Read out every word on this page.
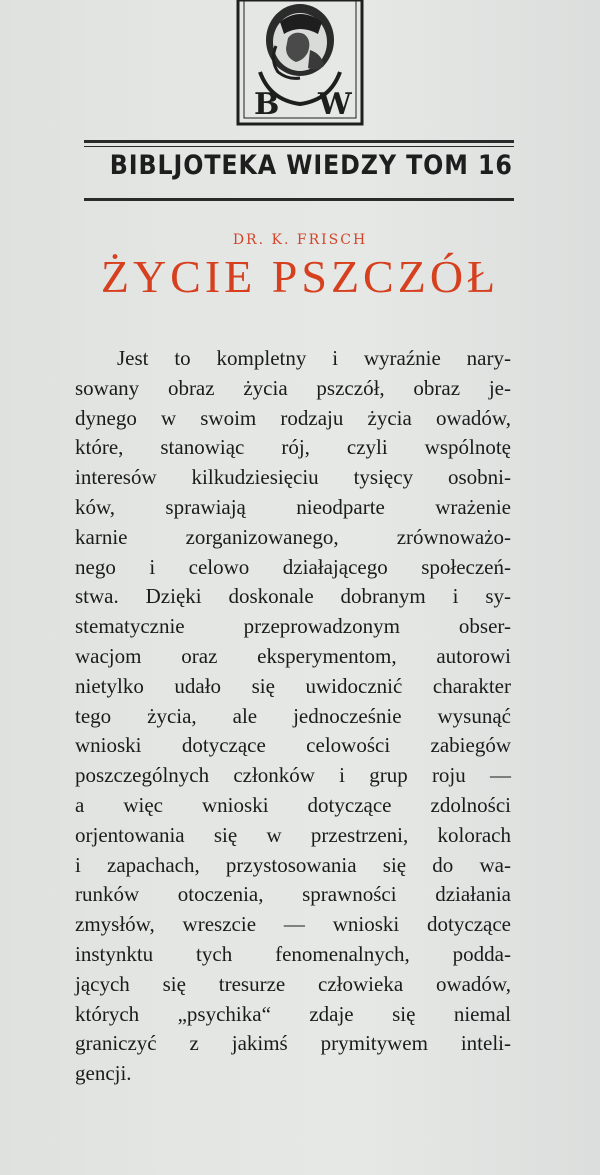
B W
BIBLJOTEKA WIEDZY TOM 16
DR. K. FRISCH
ŻYCIE PSZCZÓŁ
Jest to kompletny i wyraźnie nary-
sowany obraz życia pszczół, obraz je-
dynego w swoim rodzaju życia owadów,
które, stanowiąc rój, czyli wspólnotę
interesów kilkudziesięciu tysięcy osobni-
ków, sprawiają nieodparte wrażenie
karnie zorganizowanego, zrównoważo-
nego i celowo działającego społeczeń-
stwa. Dzięki doskonale dobranym i sy-
stematycznie przeprowadzonym obser-
wacjom oraz eksperymentom, autorowi
nietylko udało się uwidocznić charakter
tego życia, ale jednocześnie wysunąć
wnioski dotyczące celowości zabiegów
poszczególnych członków i grup roju —
a więc wnioski dotyczące zdolności
orjentowania się w przestrzeni, kolorach
i zapachach, przystosowania się do wa-
runków otoczenia, sprawności działania
zmysłów, wreszcie — wnioski dotyczące
instynktu tych fenomenalnych, podda-
jących się tresurze człowieka owadów,
których „psychika“ zdaje się niemal
graniczyć z jakimś prymitywem inteli-
gencji.
